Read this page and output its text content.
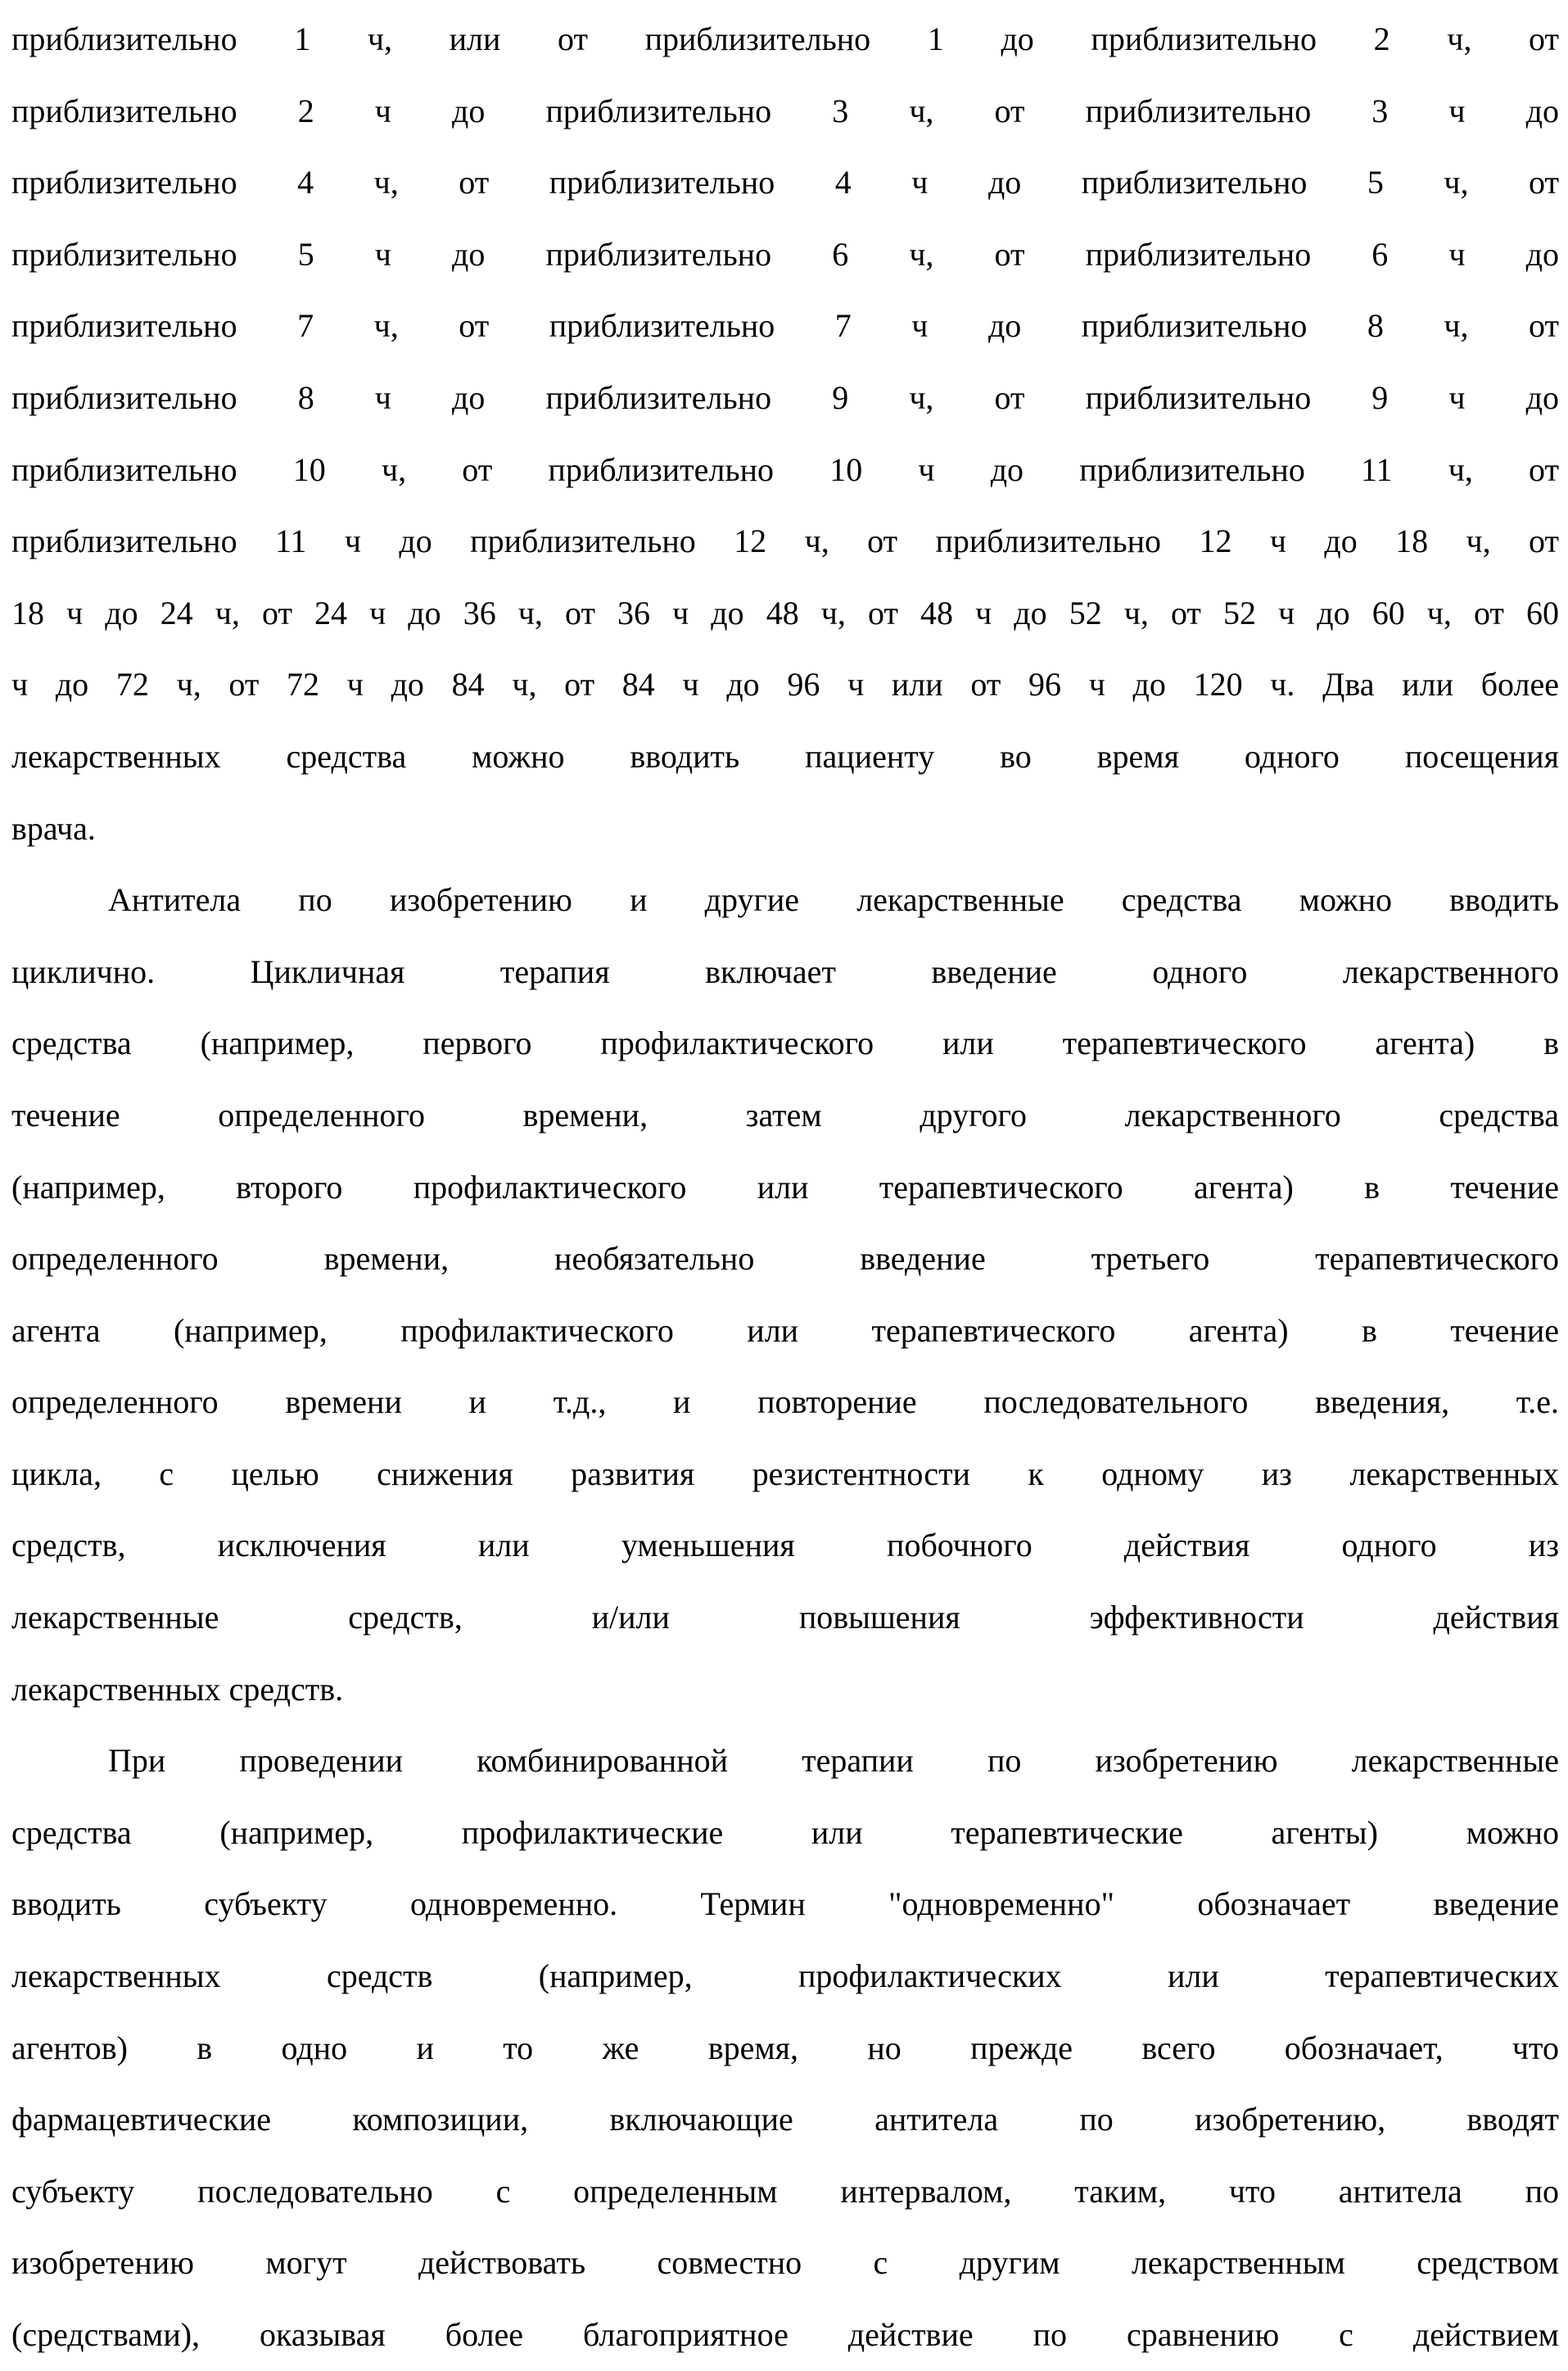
приблизительно 1 ч, или от приблизительно 1 до приблизительно 2 ч, от
приблизительно 2 ч до приблизительно 3 ч, от приблизительно 3 ч до
приблизительно 4 ч, от приблизительно 4 ч до приблизительно 5 ч, от
приблизительно 5 ч до приблизительно 6 ч, от приблизительно 6 ч до
приблизительно 7 ч, от приблизительно 7 ч до приблизительно 8 ч, от
приблизительно 8 ч до приблизительно 9 ч, от приблизительно 9 ч до
приблизительно 10 ч, от приблизительно 10 ч до приблизительно 11 ч, от
приблизительно 11 ч до приблизительно 12 ч, от приблизительно 12 ч до 18 ч, от
18 ч до 24 ч, от 24 ч до 36 ч, от 36 ч до 48 ч, от 48 ч до 52 ч, от 52 ч до 60 ч, от 60
ч до 72 ч, от 72 ч до 84 ч, от 84 ч до 96 ч или от 96 ч до 120 ч. Два или более
лекарственных средства можно вводить пациенту во время одного посещения
врача.
Антитела по изобретению и другие лекарственные средства можно вводить
циклично. Цикличная терапия включает введение одного лекарственного
средства (например, первого профилактического или терапевтического агента) в
течение определенного времени, затем другого лекарственного средства
(например, второго профилактического или терапевтического агента) в течение
определенного времени, необязательно введение третьего терапевтического
агента (например, профилактического или терапевтического агента) в течение
определенного времени и т.д., и повторение последовательного введения, т.е.
цикла, с целью снижения развития резистентности к одному из лекарственных
средств, исключения или уменьшения побочного действия одного из
лекарственные средств, и/или повышения эффективности действия
лекарственных средств.
При проведении комбинированной терапии по изобретению лекарственные
средства (например, профилактические или терапевтические агенты) можно
вводить субъекту одновременно. Термин "одновременно" обозначает введение
лекарственных средств (например, профилактических или терапевтических
агентов) в одно и то же время, но прежде всего обозначает, что
фармацевтические композиции, включающие антитела по изобретению, вводят
субъекту последовательно с определенным интервалом, таким, что антитела по
изобретению могут действовать совместно с другим лекарственным средством
(средствами), оказывая более благоприятное действие по сравнению с действием
